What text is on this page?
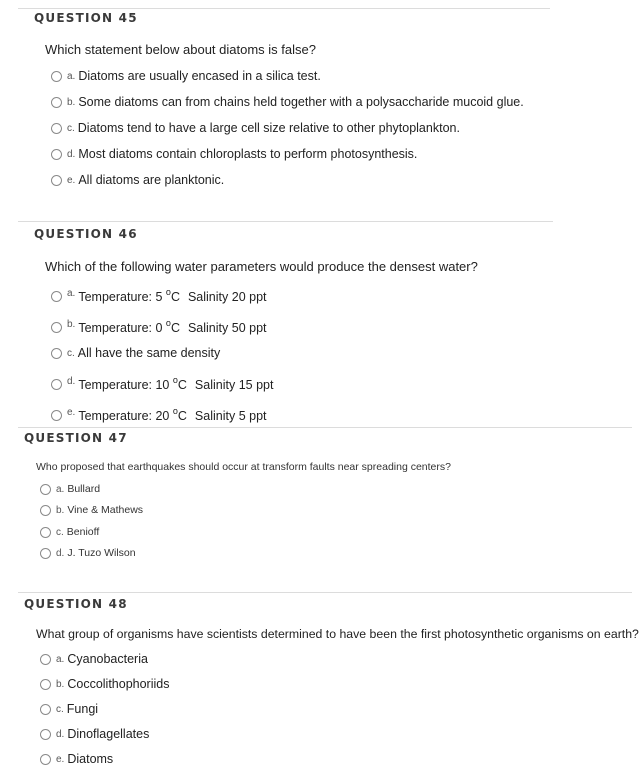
QUESTION 45
Which statement below about diatoms is false?
a. Diatoms are usually encased in a silica test.
b. Some diatoms can from chains held together with a polysaccharide mucoid glue.
c. Diatoms tend to have a large cell size relative to other phytoplankton.
d. Most diatoms contain chloroplasts to perform photosynthesis.
e. All diatoms are planktonic.
QUESTION 46
Which of the following water parameters would produce the densest water?
a. Temperature: 5 $^o$C Salinity 20 ppt
b. Temperature: 0 $^o$C Salinity 50 ppt
c. All have the same density
d. Temperature: 10 $^o$C Salinity 15 ppt
e. Temperature: 20 $^o$C Salinity 5 ppt
QUESTION 47
Who proposed that earthquakes should occur at transform faults near spreading centers?
a. Bullard
b. Vine & Mathews
c. Benioff
d. J. Tuzo Wilson
QUESTION 48
What group of organisms have scientists determined to have been the first photosynthetic organisms on earth?
a. Cyanobacteria
b. Coccolithophoriids
c. Fungi
d. Dinoflagellates
e. Diatoms
